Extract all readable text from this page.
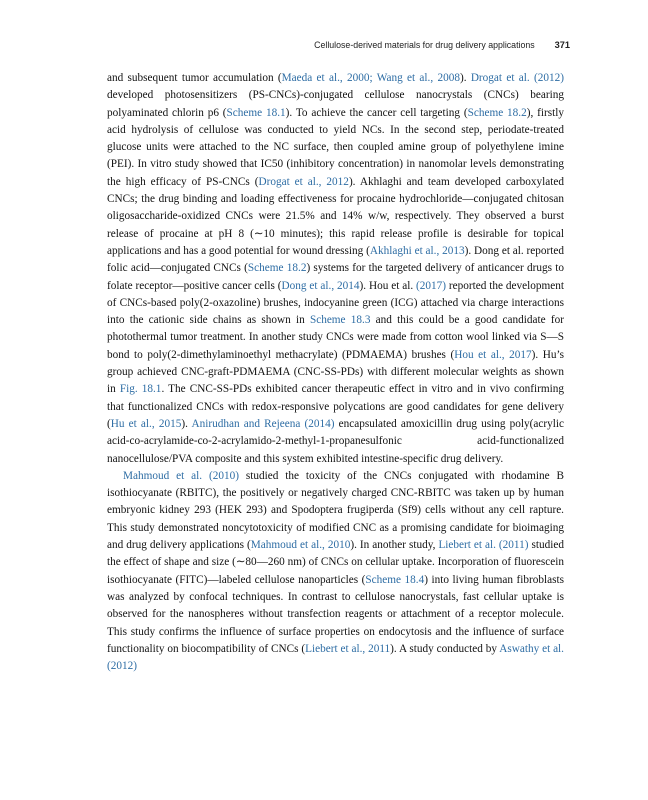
Cellulose-derived materials for drug delivery applications 371

and subsequent tumor accumulation (Maeda et al., 2000; Wang et al., 2008). Drogat et al. (2012) developed photosensitizers (PS-CNCs)-conjugated cellulose nanocrystals (CNCs) bearing polyaminated chlorin p6 (Scheme 18.1). To achieve the cancer cell targeting (Scheme 18.2), firstly acid hydrolysis of cellulose was conducted to yield NCs. In the second step, periodate-treated glucose units were attached to the NC surface, then coupled amine group of polyethylene imine (PEI). In vitro study showed that IC50 (inhibitory concentration) in nanomolar levels demonstrating the high efficacy of PS-CNCs (Drogat et al., 2012). Akhlaghi and team developed carboxylated CNCs; the drug binding and loading effectiveness for procaine hydrochloride—conjugated chitosan oligosaccharide-oxidized CNCs were 21.5% and 14% w/w, respectively. They observed a burst release of procaine at pH 8 (∼10 minutes); this rapid release profile is desirable for topical applications and has a good potential for wound dressing (Akhlaghi et al., 2013). Dong et al. reported folic acid—conjugated CNCs (Scheme 18.2) systems for the targeted delivery of anticancer drugs to folate receptor—positive cancer cells (Dong et al., 2014). Hou et al. (2017) reported the development of CNCs-based poly(2-oxazoline) brushes, indocyanine green (ICG) attached via charge interactions into the cationic side chains as shown in Scheme 18.3 and this could be a good candidate for photothermal tumor treatment. In another study CNCs were made from cotton wool linked via S—S bond to poly(2-dimethylaminoethyl methacrylate) (PDMAEMA) brushes (Hou et al., 2017). Hu’s group achieved CNC-graft-PDMAEMA (CNC-SS-PDs) with different molecular weights as shown in Fig. 18.1. The CNC-SS-PDs exhibited cancer therapeutic effect in vitro and in vivo confirming that functionalized CNCs with redox-responsive polycations are good candidates for gene delivery (Hu et al., 2015). Anirudhan and Rejeena (2014) encapsulated amoxicillin drug using poly(acrylic acid-co-acrylamide-co-2-acrylamido-2-methyl-1-propanesulfonic acid-functionalized nanocellulose/PVA composite and this system exhibited intestine-specific drug delivery.

Mahmoud et al. (2010) studied the toxicity of the CNCs conjugated with rhodamine B isothiocyanate (RBITC), the positively or negatively charged CNC-RBITC was taken up by human embryonic kidney 293 (HEK 293) and Spodoptera frugiperda (Sf9) cells without any cell rapture. This study demonstrated noncytotoxicity of modified CNC as a promising candidate for bioimaging and drug delivery applications (Mahmoud et al., 2010). In another study, Liebert et al. (2011) studied the effect of shape and size (∼80—260 nm) of CNCs on cellular uptake. Incorporation of fluorescein isothiocyanate (FITC)—labeled cellulose nanoparticles (Scheme 18.4) into living human fibroblasts was analyzed by confocal techniques. In contrast to cellulose nanocrystals, fast cellular uptake is observed for the nanospheres without transfection reagents or attachment of a receptor molecule. This study confirms the influence of surface properties on endocytosis and the influence of surface functionality on biocompatibility of CNCs (Liebert et al., 2011). A study conducted by Aswathy et al. (2012)
